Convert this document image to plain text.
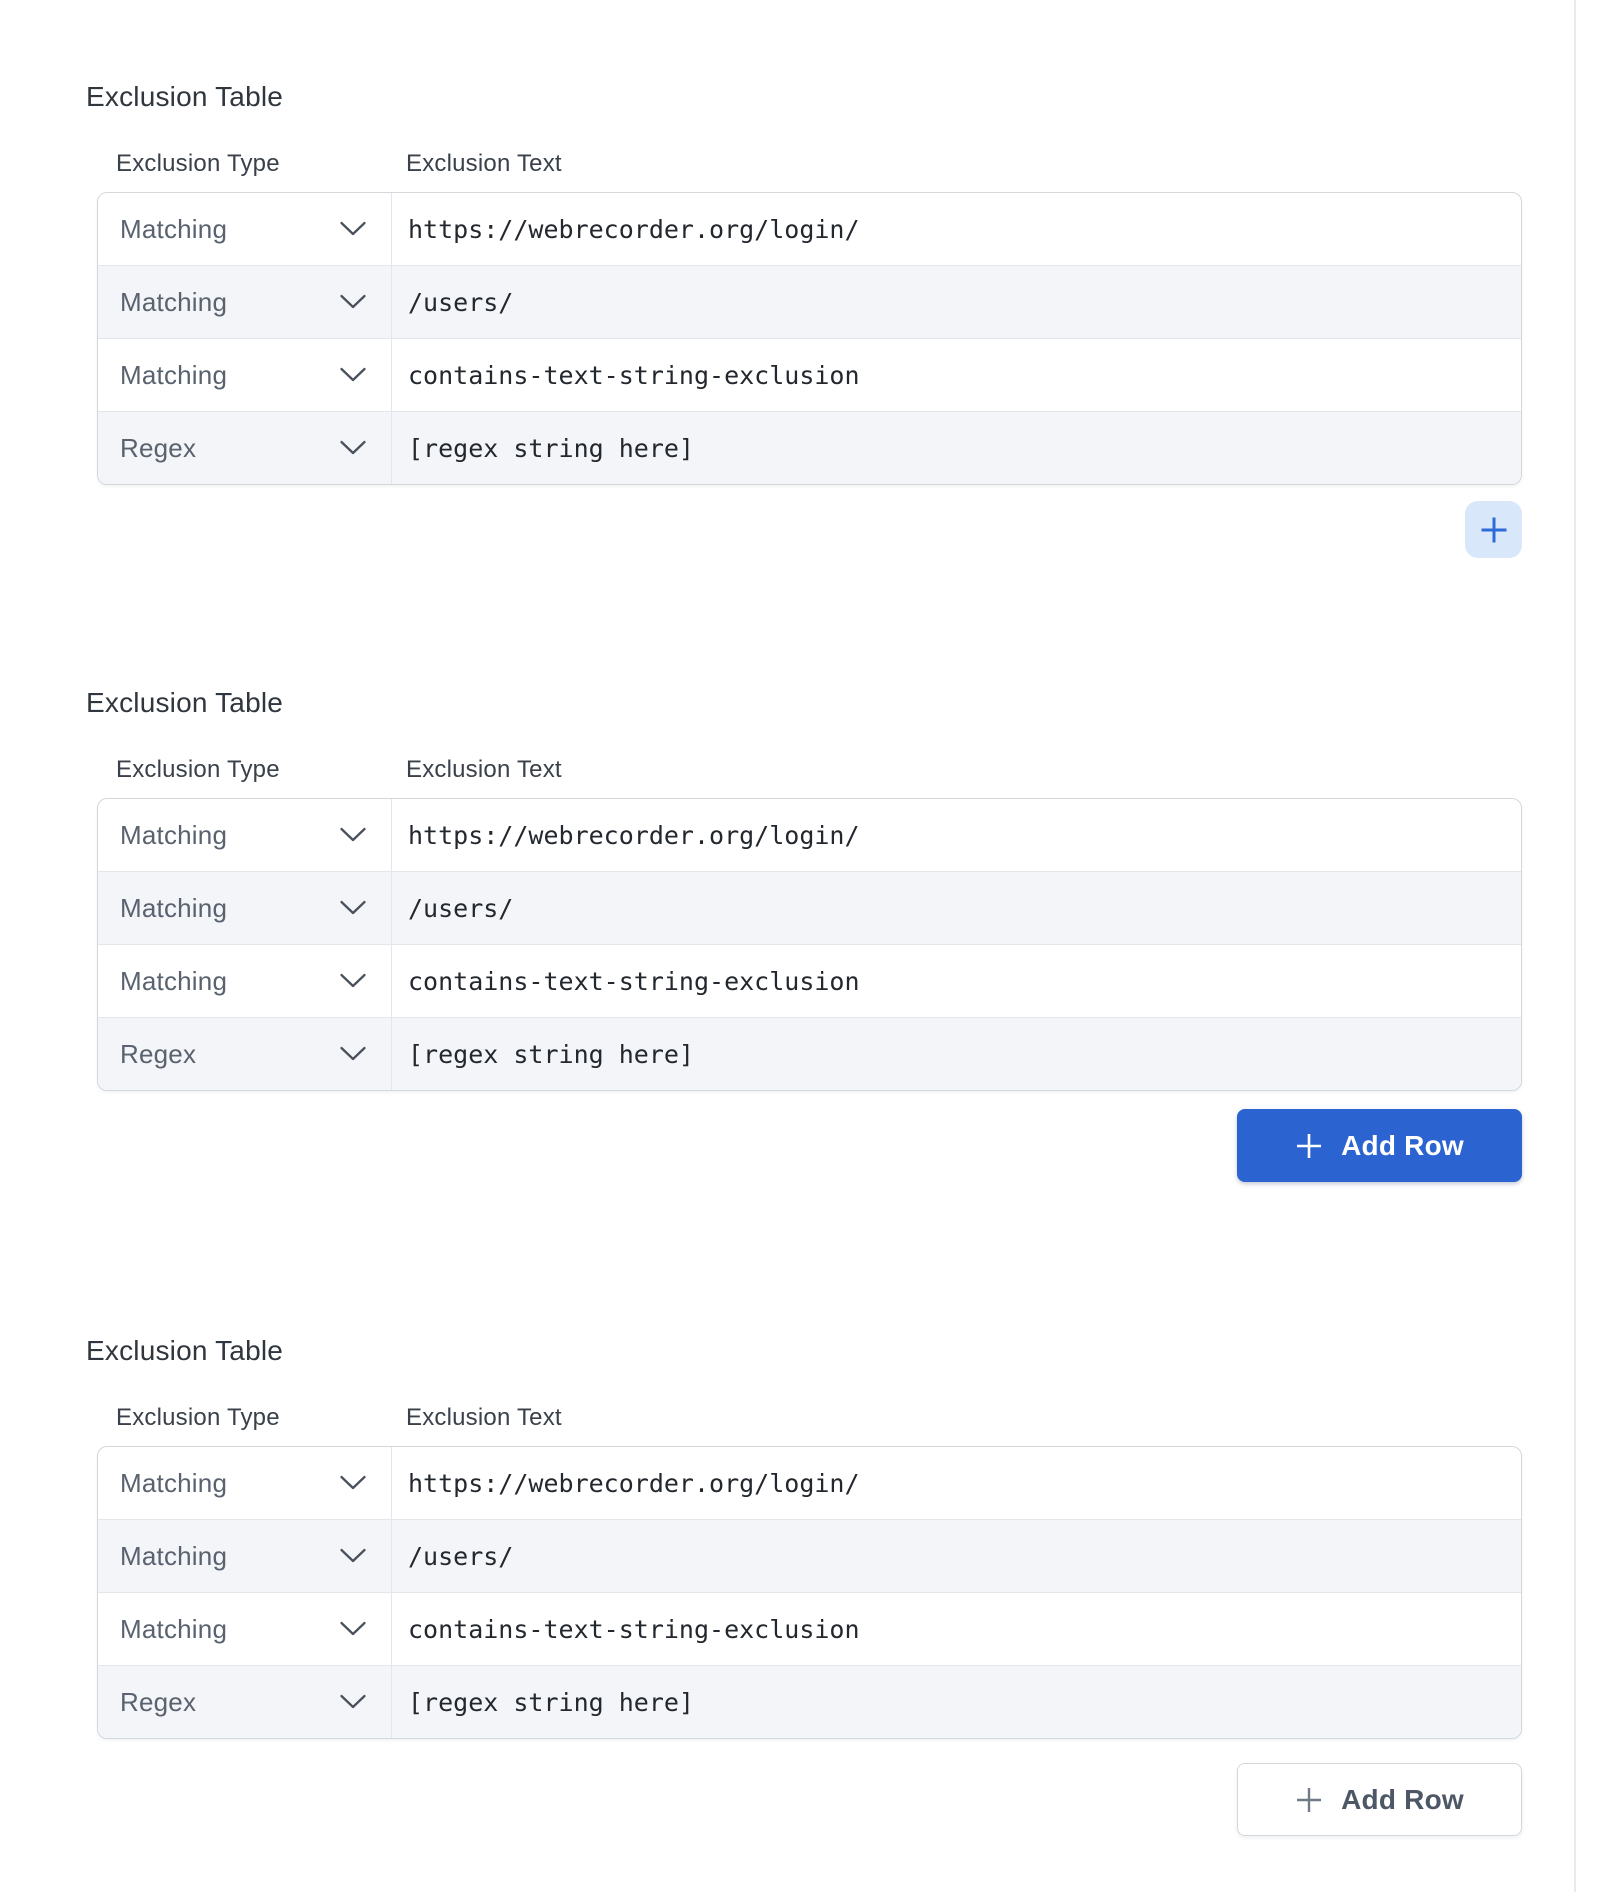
Exclusion Table
Exclusion Type	Exclusion Text
Matching	https://webrecorder.org/login/
Matching	/users/
Matching	contains-text-string-exclusion
Regex	[regex string here]
Exclusion Table
Exclusion Type	Exclusion Text
Matching	https://webrecorder.org/login/
Matching	/users/
Matching	contains-text-string-exclusion
Regex	[regex string here]
Add Row
Exclusion Table
Exclusion Type	Exclusion Text
Matching	https://webrecorder.org/login/
Matching	/users/
Matching	contains-text-string-exclusion
Regex	[regex string here]
Add Row
